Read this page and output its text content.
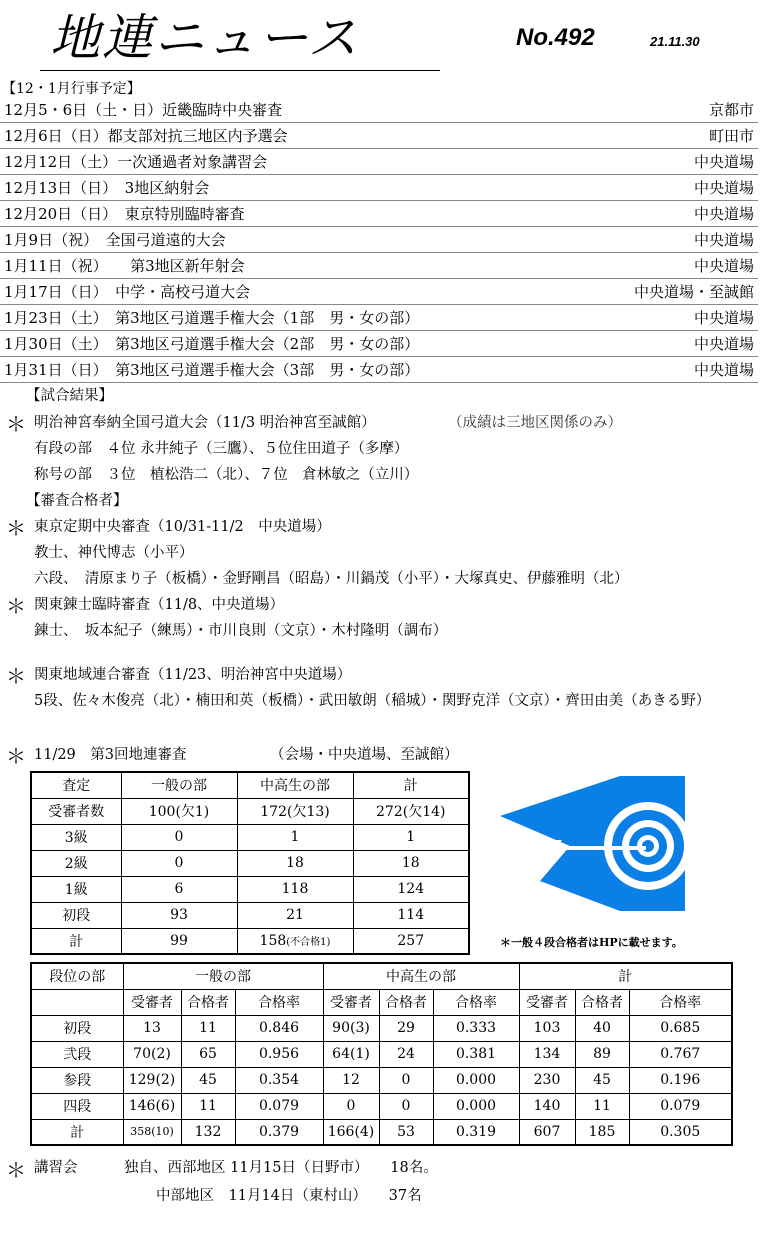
地連ニュース	No.492	21.11.30
【12・1月行事予定】
12月5・6日（土・日）近畿臨時中央審査	京都市
12月6日（日）都支部対抗三地区内予選会	町田市
12月12日（土）一次通過者対象講習会	中央道場
12月13日（日）　3地区納射会	中央道場
12月20日（日）　東京特別臨時審査	中央道場
1月9日（祝）　全国弓道遠的大会	中央道場
1月11日（祝）　　第3地区新年射会	中央道場
1月17日（日）　中学・高校弓道大会	中央道場・至誠館
1月23日（土）　第3地区弓道選手権大会（1部　男・女の部）	中央道場
1月30日（土）　第3地区弓道選手権大会（2部　男・女の部）	中央道場
1月31日（日）　第3地区弓道選手権大会（3部　男・女の部）	中央道場
【試合結果】
＊ 明治神宮奉納全国弓道大会（11/3 明治神宮至誠館）	（成績は三地区関係のみ）
有段の部　４位 永井純子（三鷹）、５位住田道子（多摩）
称号の部　３位　植松浩二（北）、７位　倉林敏之（立川）
【審査合格者】
＊ 東京定期中央審査（10/31-11/2　中央道場）
教士、神代博志（小平）
六段、　清原まり子（板橋）・金野剛昌（昭島）・川鍋茂（小平）・大塚真史、伊藤雅明（北）
＊ 関東錬士臨時審査（11/8、中央道場）
錬士、　坂本紀子（練馬）・市川良則（文京）・木村隆明（調布）
＊ 関東地域連合審査（11/23、明治神宮中央道場）
5段、佐々木俊亮（北）・楠田和英（板橋）・武田敏朗（稲城）・関野克洋（文京）・齊田由美（あきる野）
＊ 11/29　第3回地連審査	（会場・中央道場、至誠館）
査定	一般の部	中高生の部	計
受審者数	100(欠1)	172(欠13)	272(欠14)
3級	0	1	1
2級	0	18	18
1級	6	118	124
初段	93	21	114
計	99	158(不合格1)	257	＊一般４段合格者はHPに載せます。
段位の部	一般の部			中高生の部			計		
	受審者	合格者	合格率	受審者	合格者	合格率	受審者	合格者	合格率
初段	13	11	0.846	90(3)	29	0.333	103	40	0.685
弐段	70(2)	65	0.956	64(1)	24	0.381	134	89	0.767
参段	129(2)	45	0.354	12	0	0.000	230	45	0.196
四段	146(6)	11	0.079	0	0	0.000	140	11	0.079
計	358(10)	132	0.379	166(4)	53	0.319	607	185	0.305
＊ 講習会	独自、西部地区 11月15日（日野市）　　18名。
中部地区　11月14日（東村山）　　37名
